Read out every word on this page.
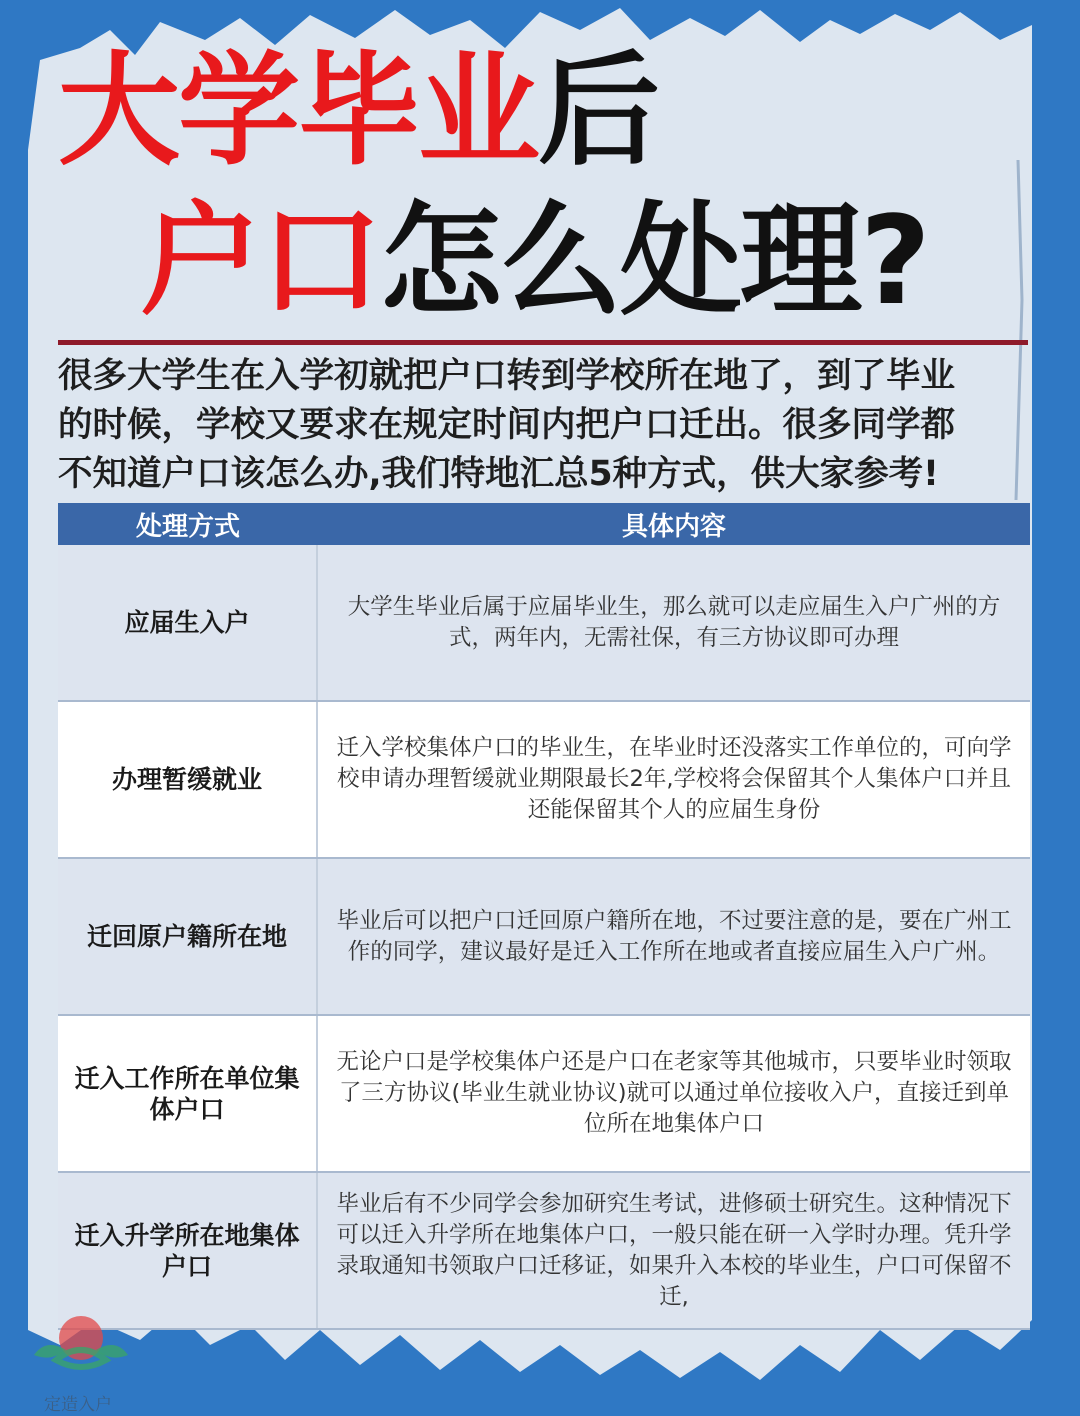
大学毕业后
户口怎么处理?
很多大学生在入学初就把户口转到学校所在地了，到了毕业
的时候，学校又要求在规定时间内把户口迁出。很多同学都
不知道户口该怎么办,我们特地汇总5种方式，供大家参考!
处理方式	具体内容
应届生入户
大学生毕业后属于应届毕业生，那么就可以走应届生入户广州的方式，两年内，无需社保，有三方协议即可办理
办理暂缓就业
迁入学校集体户口的毕业生，在毕业时还没落实工作单位的，可向学校申请办理暂缓就业期限最长2年,学校将会保留其个人集体户口并且还能保留其个人的应届生身份
迁回原户籍所在地
毕业后可以把户口迁回原户籍所在地，不过要注意的是，要在广州工作的同学，建议最好是迁入工作所在地或者直接应届生入户广州。
迁入工作所在单位集体户口
无论户口是学校集体户还是户口在老家等其他城市，只要毕业时领取了三方协议(毕业生就业协议)就可以通过单位接收入户，直接迁到单位所在地集体户口
迁入升学所在地集体户口
毕业后有不少同学会参加研究生考试，进修硕士研究生。这种情况下可以迁入升学所在地集体户口，一般只能在研一入学时办理。凭升学录取通知书领取户口迁移证，如果升入本校的毕业生，户口可保留不迁,
定造入户
